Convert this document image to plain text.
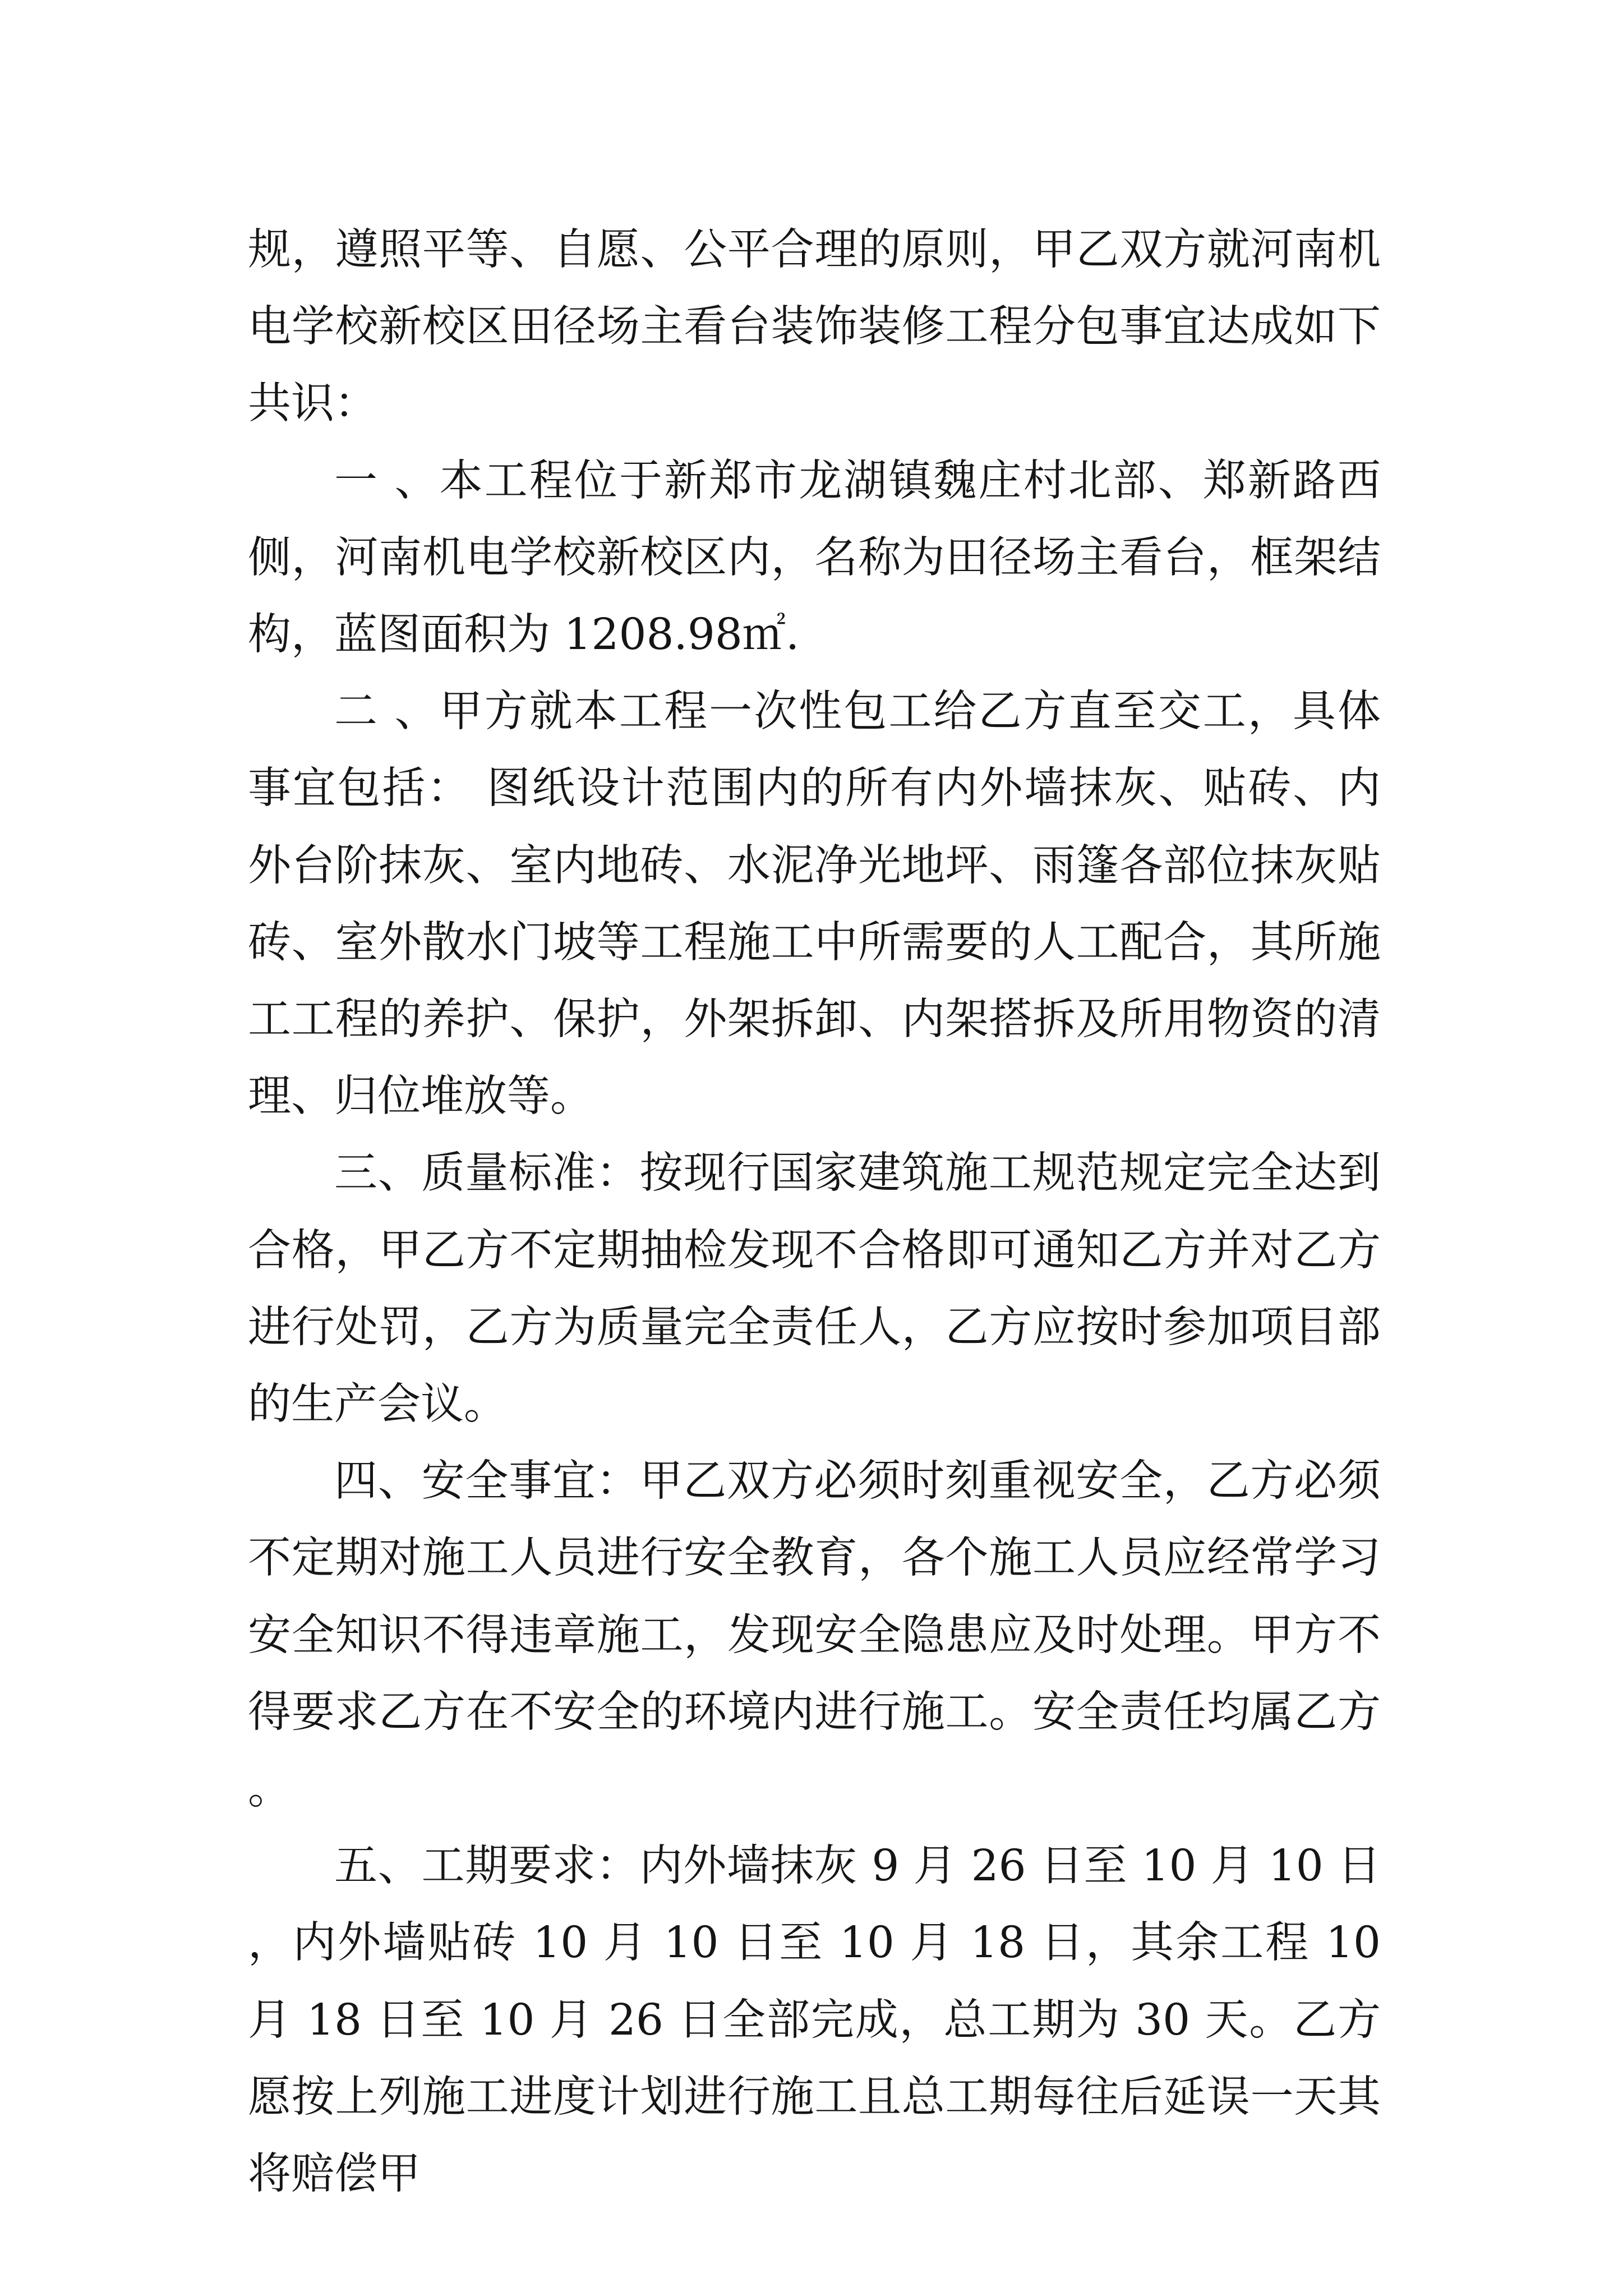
规，遵照平等、自愿、公平合理的原则，甲乙双方就河南机电学校新校区田径场主看台装饰装修工程分包事宜达成如下共识：

一 、本工程位于新郑市龙湖镇魏庄村北部、郑新路西侧，河南机电学校新校区内，名称为田径场主看台，框架结构，蓝图面积为 1208.98㎡.

二 、甲方就本工程一次性包工给乙方直至交工，具体事宜包括： 图纸设计范围内的所有内外墙抹灰、贴砖、内外台阶抹灰、室内地砖、水泥净光地坪、雨篷各部位抹灰贴砖、室外散水门坡等工程施工中所需要的人工配合，其所施工工程的养护、保护，外架拆卸、内架搭拆及所用物资的清理、归位堆放等。

三、质量标准：按现行国家建筑施工规范规定完全达到合格，甲乙方不定期抽检发现不合格即可通知乙方并对乙方进行处罚，乙方为质量完全责任人，乙方应按时参加项目部的生产会议。

四、安全事宜：甲乙双方必须时刻重视安全，乙方必须不定期对施工人员进行安全教育，各个施工人员应经常学习安全知识不得违章施工，发现安全隐患应及时处理。甲方不得要求乙方在不安全的环境内进行施工。安全责任均属乙方。

五、工期要求：内外墙抹灰 9 月 26 日至 10 月 10 日，内外墙贴砖 10 月 10 日至 10 月 18 日，其余工程 10 月 18 日至 10 月 26 日全部完成，总工期为 30 天。乙方愿按上列施工进度计划进行施工且总工期每往后延误一天其将赔偿甲
